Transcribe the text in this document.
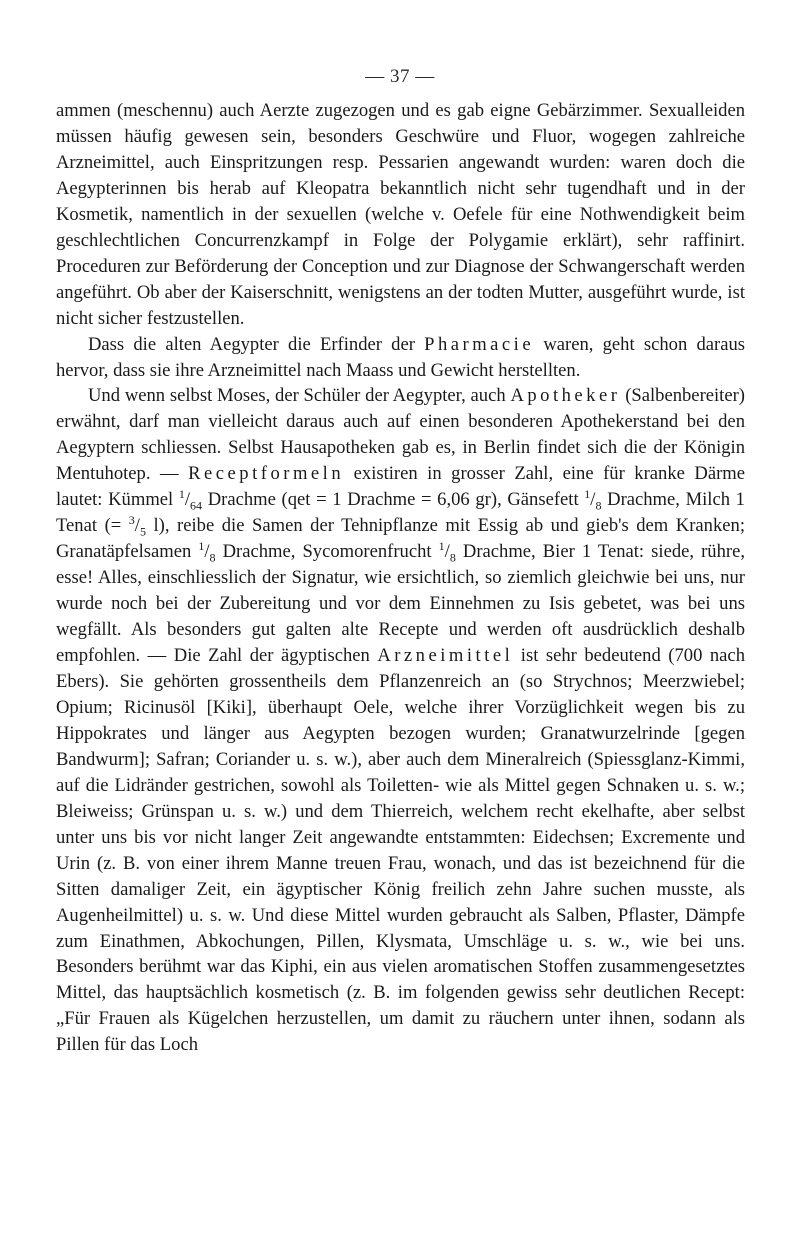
— 37 —

ammen (meschennu) auch Aerzte zugezogen und es gab eigne Gebärzimmer. Sexualleiden müssen häufig gewesen sein, besonders Geschwüre und Fluor, wogegen zahlreiche Arzneimittel, auch Einspritzungen resp. Pessarien angewandt wurden: waren doch die Aegypterinnen bis herab auf Kleopatra bekanntlich nicht sehr tugendhaft und in der Kosmetik, namentlich in der sexuellen (welche v. Oefele für eine Nothwendigkeit beim geschlechtlichen Concurrenzkampf in Folge der Polygamie erklärt), sehr raffinirt. Proceduren zur Beförderung der Conception und zur Diagnose der Schwangerschaft werden angeführt. Ob aber der Kaiserschnitt, wenigstens an der todten Mutter, ausgeführt wurde, ist nicht sicher festzustellen.

Dass die alten Aegypter die Erfinder der Pharmacie waren, geht schon daraus hervor, dass sie ihre Arzneimittel nach Maass und Gewicht herstellten.

Und wenn selbst Moses, der Schüler der Aegypter, auch Apotheker (Salbenbereiter) erwähnt, darf man vielleicht daraus auch auf einen besonderen Apothekerstand bei den Aegyptern schliessen. Selbst Hausapotheken gab es, in Berlin findet sich die der Königin Mentuhotep. — Receptformeln existiren in grosser Zahl, eine für kranke Därme lautet: Kümmel $^1/_{64}$ Drachme (qet = 1 Drachme = 6,06 gr), Gänsefett $^1/_8$ Drachme, Milch 1 Tenat (= $^3/_5$ l), reibe die Samen der Tehnipflanze mit Essig ab und gieb's dem Kranken; Granatäpfelsamen $^1/_8$ Drachme, Sycomorenfrucht $^1/_8$ Drachme, Bier 1 Tenat: siede, rühre, esse! Alles, einschliesslich der Signatur, wie ersichtlich, so ziemlich gleichwie bei uns, nur wurde noch bei der Zubereitung und vor dem Einnehmen zu Isis gebetet, was bei uns wegfällt. Als besonders gut galten alte Recepte und werden oft ausdrücklich deshalb empfohlen. — Die Zahl der ägyptischen Arzneimittel ist sehr bedeutend (700 nach Ebers). Sie gehörten grossentheils dem Pflanzenreich an (so Strychnos; Meerzwiebel; Opium; Ricinusöl [Kiki], überhaupt Oele, welche ihrer Vorzüglichkeit wegen bis zu Hippokrates und länger aus Aegypten bezogen wurden; Granatwurzelrinde [gegen Bandwurm]; Safran; Coriander u. s. w.), aber auch dem Mineralreich (Spiessglanz-Kimmi, auf die Lidränder gestrichen, sowohl als Toiletten- wie als Mittel gegen Schnaken u. s. w.; Bleiweiss; Grünspan u. s. w.) und dem Thierreich, welchem recht ekelhafte, aber selbst unter uns bis vor nicht langer Zeit angewandte entstammten: Eidechsen; Excremente und Urin (z. B. von einer ihrem Manne treuen Frau, wonach, und das ist bezeichnend für die Sitten damaliger Zeit, ein ägyptischer König freilich zehn Jahre suchen musste, als Augenheilmittel) u. s. w. Und diese Mittel wurden gebraucht als Salben, Pflaster, Dämpfe zum Einathmen, Abkochungen, Pillen, Klysmata, Umschläge u. s. w., wie bei uns. Besonders berühmt war das Kiphi, ein aus vielen aromatischen Stoffen zusammengesetztes Mittel, das hauptsächlich kosmetisch (z. B. im folgenden gewiss sehr deutlichen Recept: „Für Frauen als Kügelchen herzustellen, um damit zu räuchern unter ihnen, sodann als Pillen für das Loch
